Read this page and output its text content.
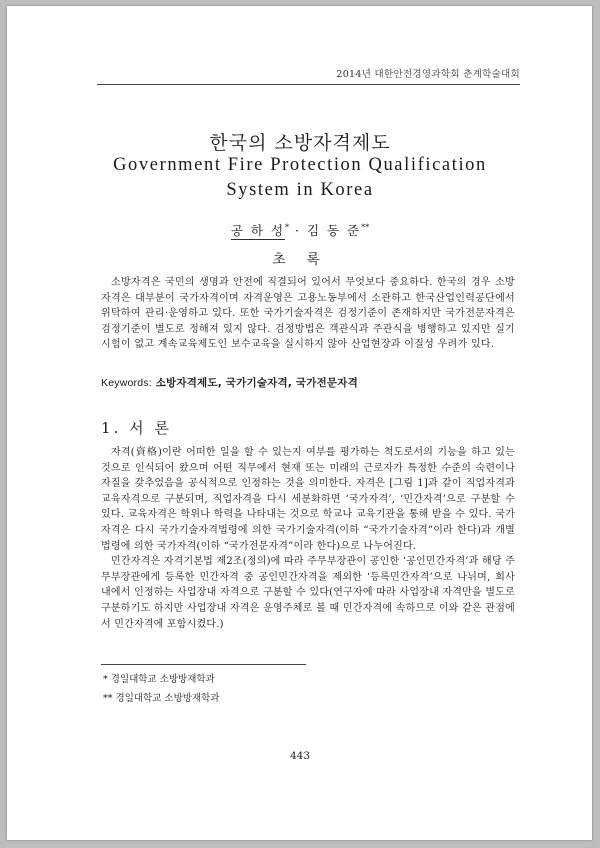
2014년 대한안전경영과학회 춘계학술대회
한국의 소방자격제도
Government Fire Protection Qualification
System in Korea
공 하 성* · 김 동 준**
초 록

소방자격은 국민의 생명과 안전에 직결되어 있어서 무엇보다 중요하다. 한국의 경우 소방자격은 대부분이 국가자격이며 자격운영은 고용노동부에서 소관하고 한국산업인력공단에서 위탁하여 관리·운영하고 있다. 또한 국가기술자격은 검정기준이 존재하지만 국가전문자격은 검정기준이 별도로 정해져 있지 않다. 검정방법은 객관식과 주관식을 병행하고 있지만 실기시험이 없고 계속교육제도인 보수교육을 실시하지 않아 산업현장과 이질성 우려가 있다.

Keywords: 소방자격제도, 국가기술자격, 국가전문자격
1. 서 론

자격(資格)이란 어떠한 일을 할 수 있는지 여부를 평가하는 척도로서의 기능을 하고 있는 것으로 인식되어 왔으며 어떤 직무에서 현재 또는 미래의 근로자가 특정한 수준의 숙련이나 자질을 갖추었음을 공식적으로 인정하는 것을 의미한다. 자격은 [그림 1]과 같이 직업자격과 교육자격으로 구분되며, 직업자격을 다시 세분화하면 ‘국가자격’, ‘민간자격’으로 구분할 수 있다. 교육자격은 학위나 학력을 나타내는 것으로 학교나 교육기관을 통해 받을 수 있다. 국가자격은 다시 국가기술자격법령에 의한 국가기술자격(이하 “국가기술자격”이라 한다)과 개별법령에 의한 국가자격(이하 “국가전문자격”이라 한다)으로 나누어진다.

민간자격은 자격기본법 제2조(정의)에 따라 주무부장관이 공인한 ‘공인민간자격’과 해당 주무부장관에게 등록한 민간자격 중 공인민간자격을 제외한 ‘등록민간자격’으로 나뉘며, 회사 내에서 인정하는 사업장내 자격으로 구분할 수 있다(연구자에 따라 사업장내 자격만을 별도로 구분하기도 하지만 사업장내 자격은 운영주체로 볼 때 민간자격에 속하므로 이와 같은 관점에서 민간자격에 포함시켰다.)

* 경일대학교 소방방재학과
** 경일대학교 소방방재학과
443
